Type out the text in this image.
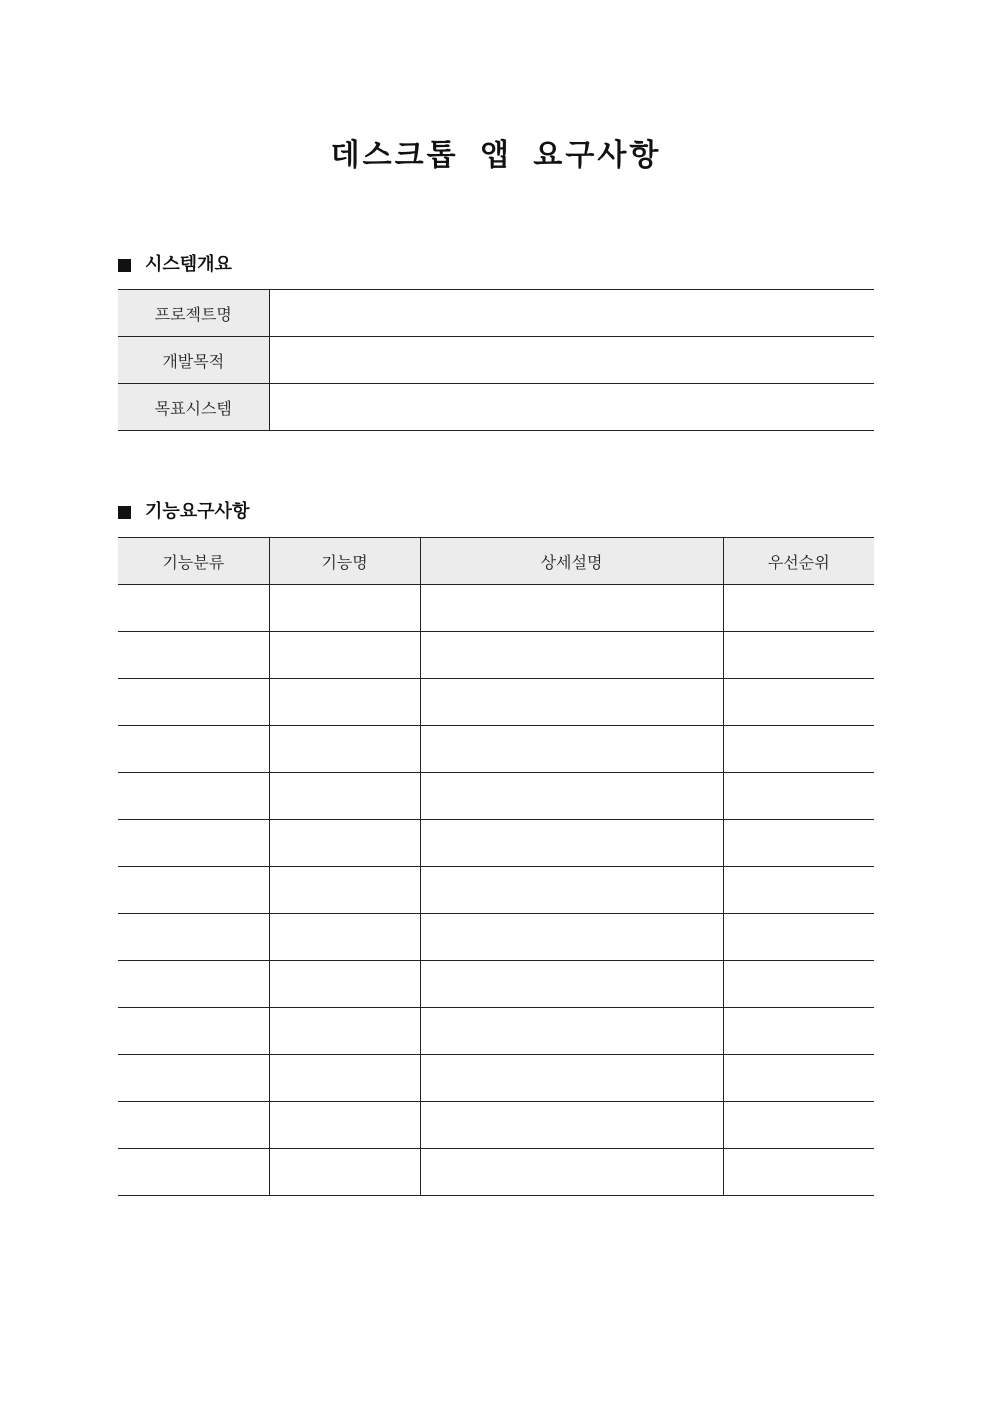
데스크톱 앱 요구사항
시스템개요
프로젝트명	
개발목적	
목표시스템	
기능요구사항
기능분류	기능명	상세설명	우선순위
